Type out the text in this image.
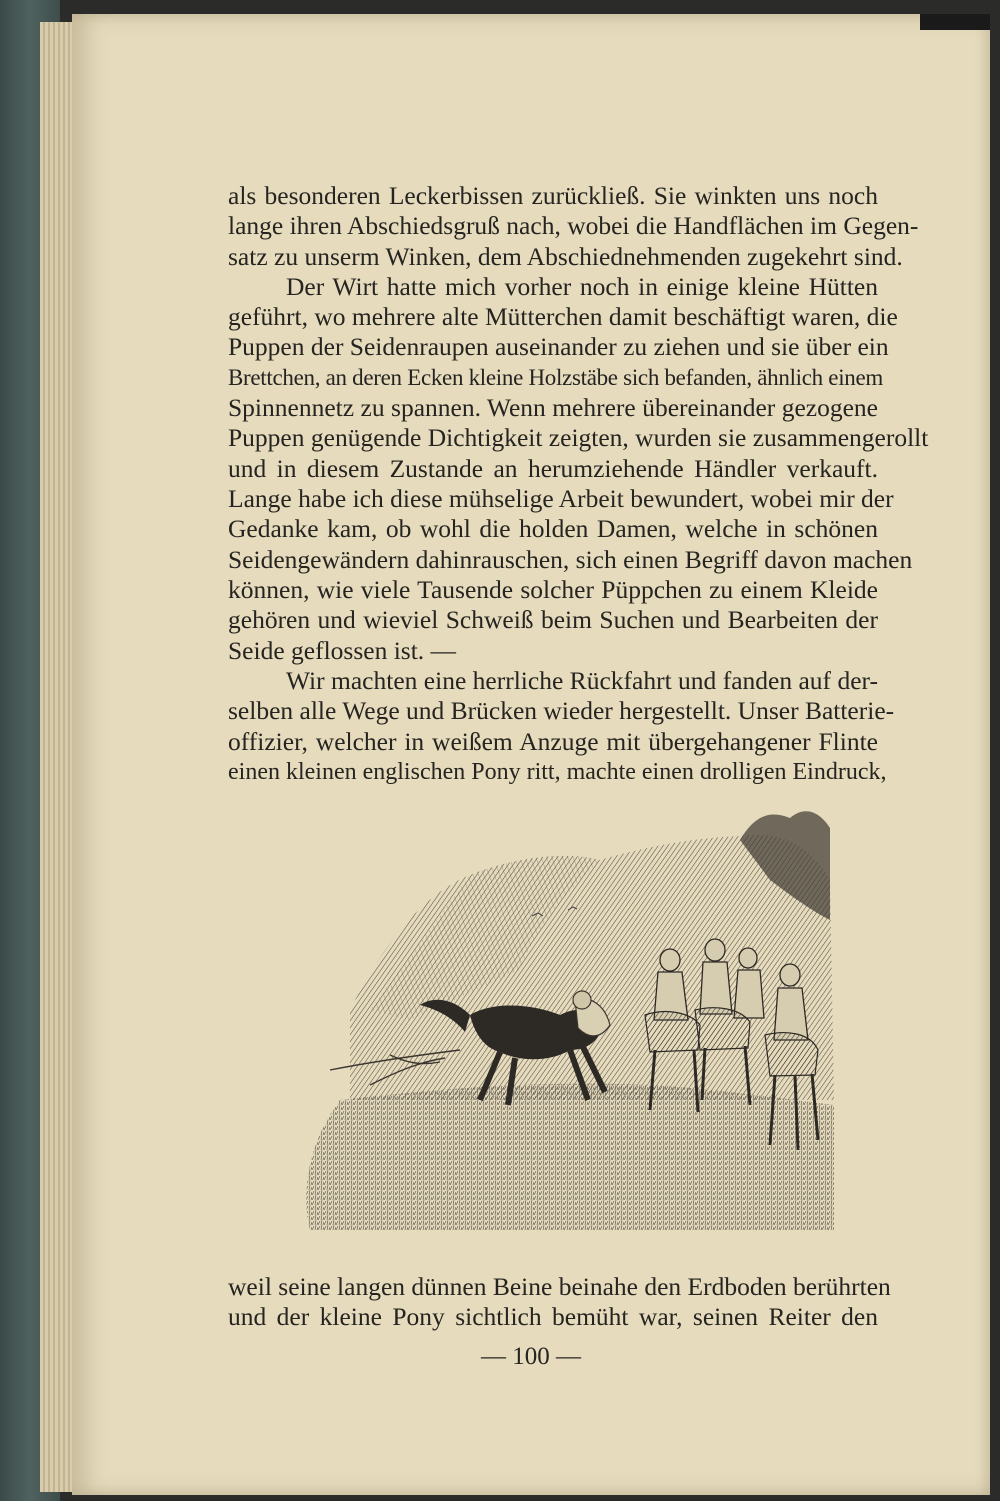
als besonderen Leckerbissen zurückließ. Sie winkten uns noch
lange ihren Abschiedsgruß nach, wobei die Handflächen im Gegen-
satz zu unserm Winken, dem Abschiednehmenden zugekehrt sind.
Der Wirt hatte mich vorher noch in einige kleine Hütten
geführt, wo mehrere alte Mütterchen damit beschäftigt waren, die
Puppen der Seidenraupen auseinander zu ziehen und sie über ein
Brettchen, an deren Ecken kleine Holzstäbe sich befanden, ähnlich einem
Spinnennetz zu spannen. Wenn mehrere übereinander gezogene
Puppen genügende Dichtigkeit zeigten, wurden sie zusammengerollt
und in diesem Zustande an herumziehende Händler verkauft.
Lange habe ich diese mühselige Arbeit bewundert, wobei mir der
Gedanke kam, ob wohl die holden Damen, welche in schönen
Seidengewändern dahinrauschen, sich einen Begriff davon machen
können, wie viele Tausende solcher Püppchen zu einem Kleide
gehören und wieviel Schweiß beim Suchen und Bearbeiten der
Seide geflossen ist. —
Wir machten eine herrliche Rückfahrt und fanden auf der-
selben alle Wege und Brücken wieder hergestellt. Unser Batterie-
offizier, welcher in weißem Anzuge mit übergehangener Flinte
einen kleinen englischen Pony ritt, machte einen drolligen Eindruck,
weil seine langen dünnen Beine beinahe den Erdboden berührten
und der kleine Pony sichtlich bemüht war, seinen Reiter den
— 100 —
